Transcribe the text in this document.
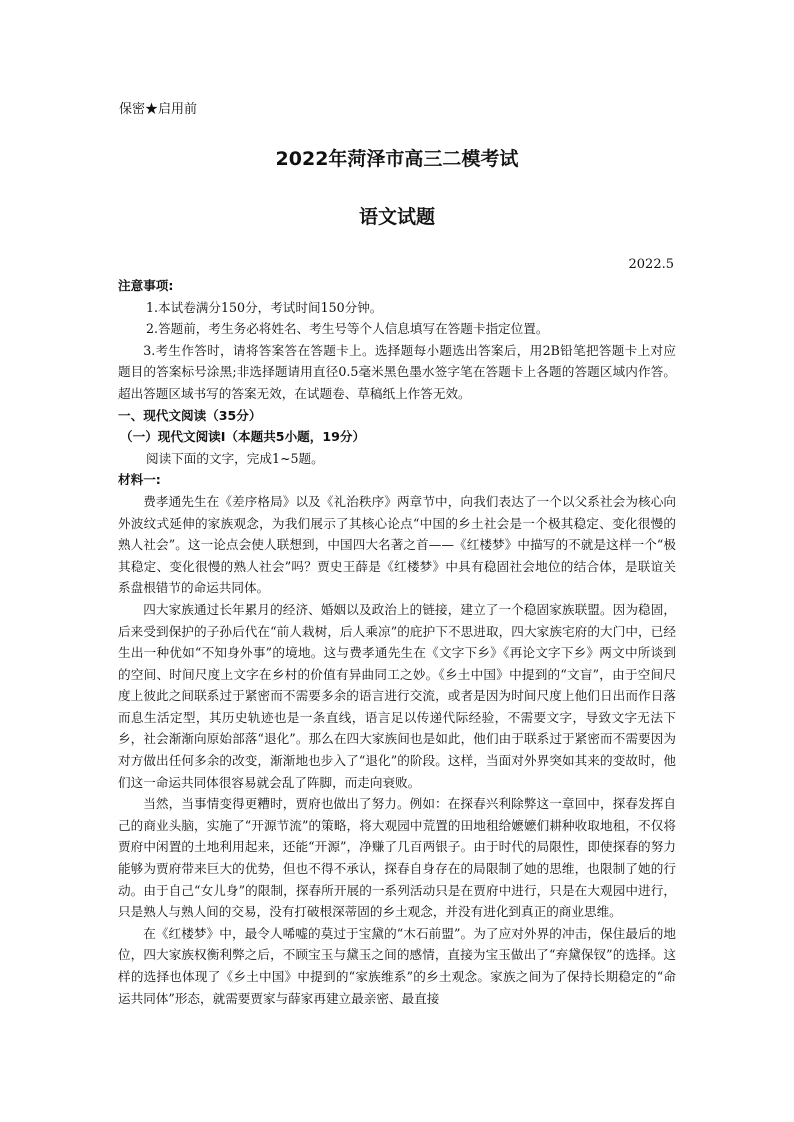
保密★启用前
2022年菏泽市高三二模考试
语文试题
2022.5

注意事项:

1.本试卷满分150分，考试时间150分钟。

2.答题前，考生务必将姓名、考生号等个人信息填写在答题卡指定位置。

3.考生作答时，请将答案答在答题卡上。选择题每小题选出答案后，用2B铅笔把答题卡上对应题目的答案标号涂黑;非选择题请用直径0.5毫米黑色墨水签字笔在答题卡上各题的答题区域内作答。超出答题区域书写的答案无效，在试题卷、草稿纸上作答无效。

一、现代文阅读（35分）

（一）现代文阅读Ⅰ（本题共5小题，19分）

阅读下面的文字，完成1~5题。

材料一:

费孝通先生在《差序格局》以及《礼治秩序》两章节中，向我们表达了一个以父系社会为核心向外波纹式延伸的家族观念，为我们展示了其核心论点“中国的乡土社会是一个极其稳定、变化很慢的熟人社会”。这一论点会使人联想到，中国四大名著之首——《红楼梦》中描写的不就是这样一个“极其稳定、变化很慢的熟人社会”吗？贾史王薛是《红楼梦》中具有稳固社会地位的结合体，是联谊关系盘根错节的命运共同体。

四大家族通过长年累月的经济、婚姻以及政治上的链接，建立了一个稳固家族联盟。因为稳固，后来受到保护的子孙后代在“前人栽树，后人乘凉”的庇护下不思进取，四大家族宅府的大门中，已经生出一种优如“不知身外事”的境地。这与费孝通先生在《文字下乡》《再论文字下乡》两文中所谈到的空间、时间尺度上文字在乡村的价值有异曲同工之妙。《乡土中国》中提到的“文盲”，由于空间尺度上彼此之间联系过于紧密而不需要多余的语言进行交流，或者是因为时间尺度上他们日出而作日落而息生活定型，其历史轨迹也是一条直线，语言足以传递代际经验，不需要文字，导致文字无法下乡，社会渐渐向原始部落“退化”。那么在四大家族间也是如此，他们由于联系过于紧密而不需要因为对方做出任何多余的改变，渐渐地也步入了“退化”的阶段。这样，当面对外界突如其来的变故时，他们这一命运共同体很容易就会乱了阵脚，而走向衰败。

当然，当事情变得更糟时，贾府也做出了努力。例如：在探春兴利除弊这一章回中，探春发挥自己的商业头脑，实施了“开源节流”的策略，将大观园中荒置的田地租给嬷嬷们耕种收取地租，不仅将贾府中闲置的土地利用起来，还能“开源”，净赚了几百两银子。由于时代的局限性，即使探春的努力能够为贾府带来巨大的优势，但也不得不承认，探春自身存在的局限制了她的思维，也限制了她的行动。由于自己“女儿身”的限制，探春所开展的一系列活动只是在贾府中进行，只是在大观园中进行，只是熟人与熟人间的交易，没有打破根深蒂固的乡土观念，并没有进化到真正的商业思维。

在《红楼梦》中，最令人唏嘘的莫过于宝黛的“木石前盟”。为了应对外界的冲击，保住最后的地位，四大家族权衡利弊之后，不顾宝玉与黛玉之间的感情，直接为宝玉做出了“弃黛保钗”的选择。这样的选择也体现了《乡土中国》中提到的“家族维系”的乡土观念。家族之间为了保持长期稳定的“命运共同体”形态，就需要贾家与薛家再建立最亲密、最直接
